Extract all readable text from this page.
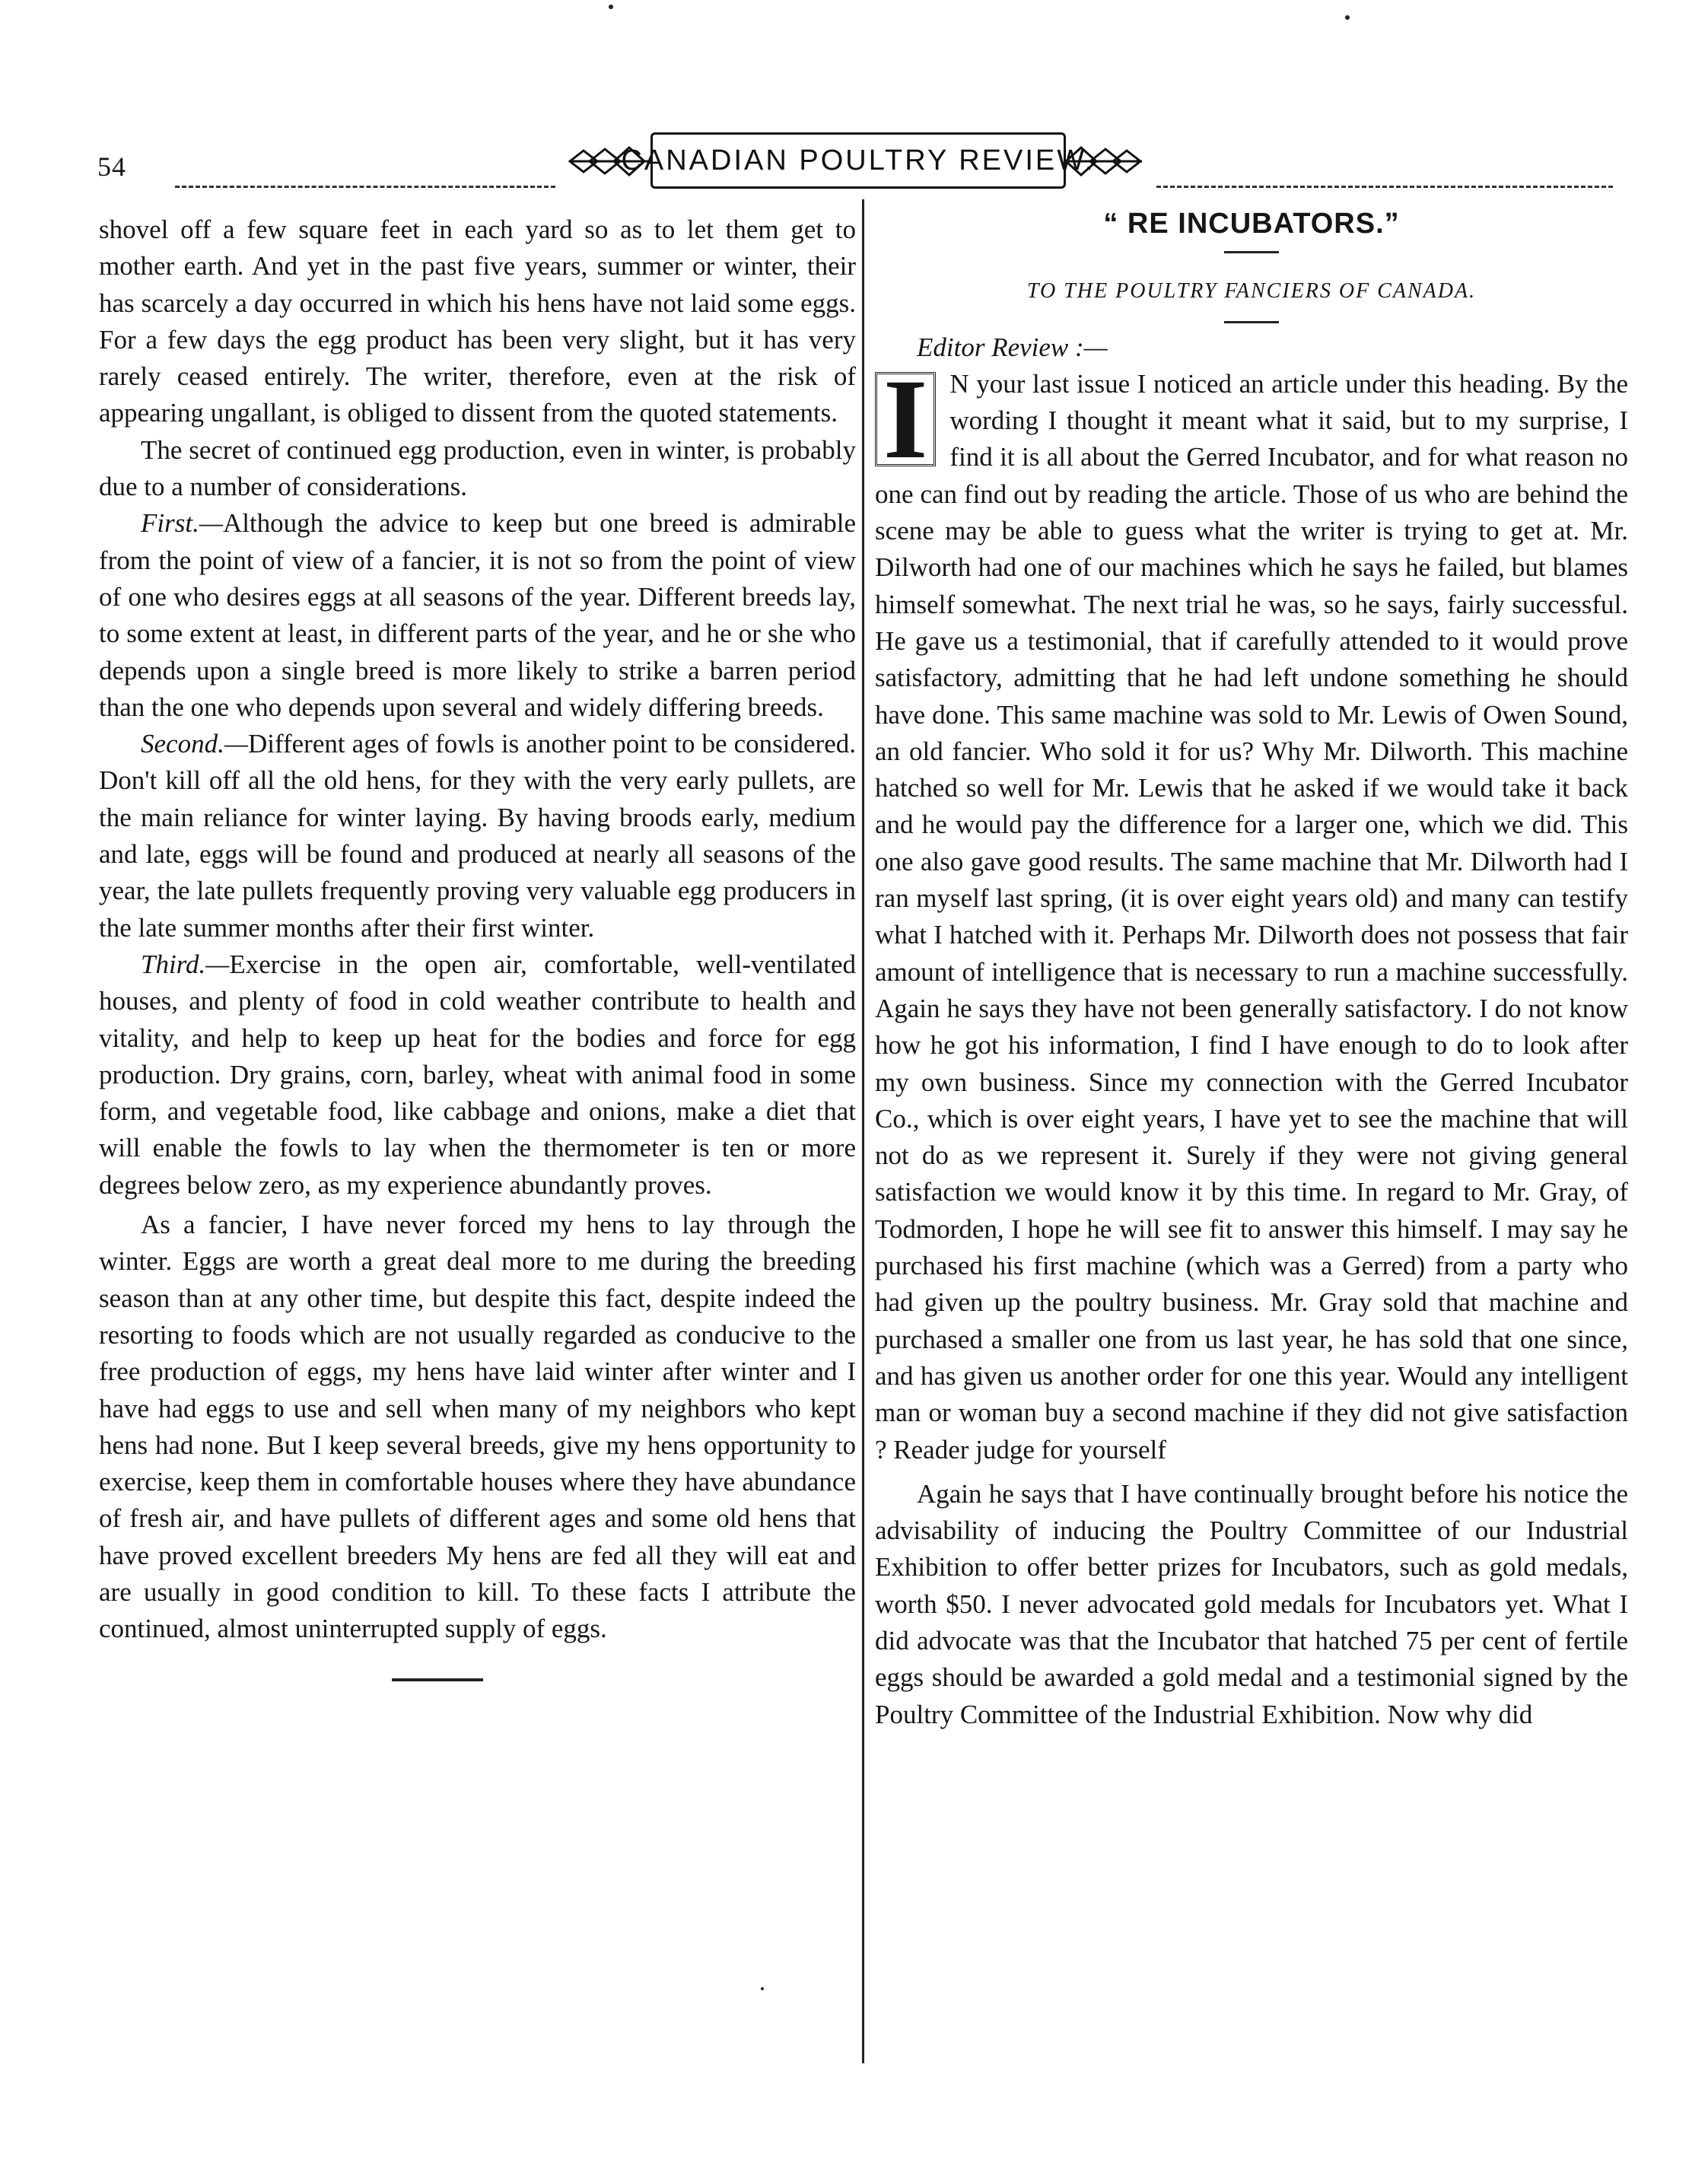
54	CANADIAN POULTRY REVIEW.

shovel off a few square feet in each yard so as to let them get to mother earth. And yet in the past five years, summer or winter, their has scarcely a day occurred in which his hens have not laid some eggs. For a few days the egg product has been very slight, but it has very rarely ceased entirely. The writer, therefore, even at the risk of appearing ungallant, is obliged to dissent from the quoted statements.

The secret of continued egg production, even in winter, is probably due to a number of considerations.

First.—Although the advice to keep but one breed is admirable from the point of view of a fancier, it is not so from the point of view of one who desires eggs at all seasons of the year. Different breeds lay, to some extent at least, in different parts of the year, and he or she who depends upon a single breed is more likely to strike a barren period than the one who depends upon several and widely differing breeds.

Second.—Different ages of fowls is another point to be considered. Don't kill off all the old hens, for they with the very early pullets, are the main reliance for winter laying. By having broods early, medium and late, eggs will be found and produced at nearly all seasons of the year, the late pullets frequently proving very valuable egg producers in the late summer months after their first winter.

Third.—Exercise in the open air, comfortable, well-ventilated houses, and plenty of food in cold weather contribute to health and vitality, and help to keep up heat for the bodies and force for egg production. Dry grains, corn, barley, wheat with animal food in some form, and vegetable food, like cabbage and onions, make a diet that will enable the fowls to lay when the thermometer is ten or more degrees below zero, as my experience abundantly proves.

As a fancier, I have never forced my hens to lay through the winter. Eggs are worth a great deal more to me during the breeding season than at any other time, but despite this fact, despite indeed the resorting to foods which are not usually regarded as conducive to the free production of eggs, my hens have laid winter after winter and I have had eggs to use and sell when many of my neighbors who kept hens had none. But I keep several breeds, give my hens opportunity to exercise, keep them in comfortable houses where they have abundance of fresh air, and have pullets of different ages and some old hens that have proved excellent breeders My hens are fed all they will eat and are usually in good condition to kill. To these facts I attribute the continued, almost uninterrupted supply of eggs.

“ RE INCUBATORS.”
TO THE POULTRY FANCIERS OF CANADA.

Editor Review :—

I N your last issue I noticed an article under this heading. By the wording I thought it meant what it said, but to my surprise, I find it is all about the Gerred Incubator, and for what reason no one can find out by reading the article. Those of us who are behind the scene may be able to guess what the writer is trying to get at. Mr. Dilworth had one of our machines which he says he failed, but blames himself somewhat. The next trial he was, so he says, fairly successful. He gave us a testimonial, that if carefully attended to it would prove satisfactory, admitting that he had left undone something he should have done. This same machine was sold to Mr. Lewis of Owen Sound, an old fancier. Who sold it for us? Why Mr. Dilworth. This machine hatched so well for Mr. Lewis that he asked if we would take it back and he would pay the difference for a larger one, which we did. This one also gave good results. The same machine that Mr. Dilworth had I ran myself last spring, (it is over eight years old) and many can testify what I hatched with it. Perhaps Mr. Dilworth does not possess that fair amount of intelligence that is necessary to run a machine successfully. Again he says they have not been generally satisfactory. I do not know how he got his information, I find I have enough to do to look after my own business. Since my connection with the Gerred Incubator Co., which is over eight years, I have yet to see the machine that will not do as we represent it. Surely if they were not giving general satisfaction we would know it by this time. In regard to Mr. Gray, of Todmorden, I hope he will see fit to answer this himself. I may say he purchased his first machine (which was a Gerred) from a party who had given up the poultry business. Mr. Gray sold that machine and purchased a smaller one from us last year, he has sold that one since, and has given us another order for one this year. Would any intelligent man or woman buy a second machine if they did not give satisfaction ? Reader judge for yourself

Again he says that I have continually brought before his notice the advisability of inducing the Poultry Committee of our Industrial Exhibition to offer better prizes for Incubators, such as gold medals, worth $50. I never advocated gold medals for Incubators yet. What I did advocate was that the Incubator that hatched 75 per cent of fertile eggs should be awarded a gold medal and a testimonial signed by the Poultry Committee of the Industrial Exhibition. Now why did
